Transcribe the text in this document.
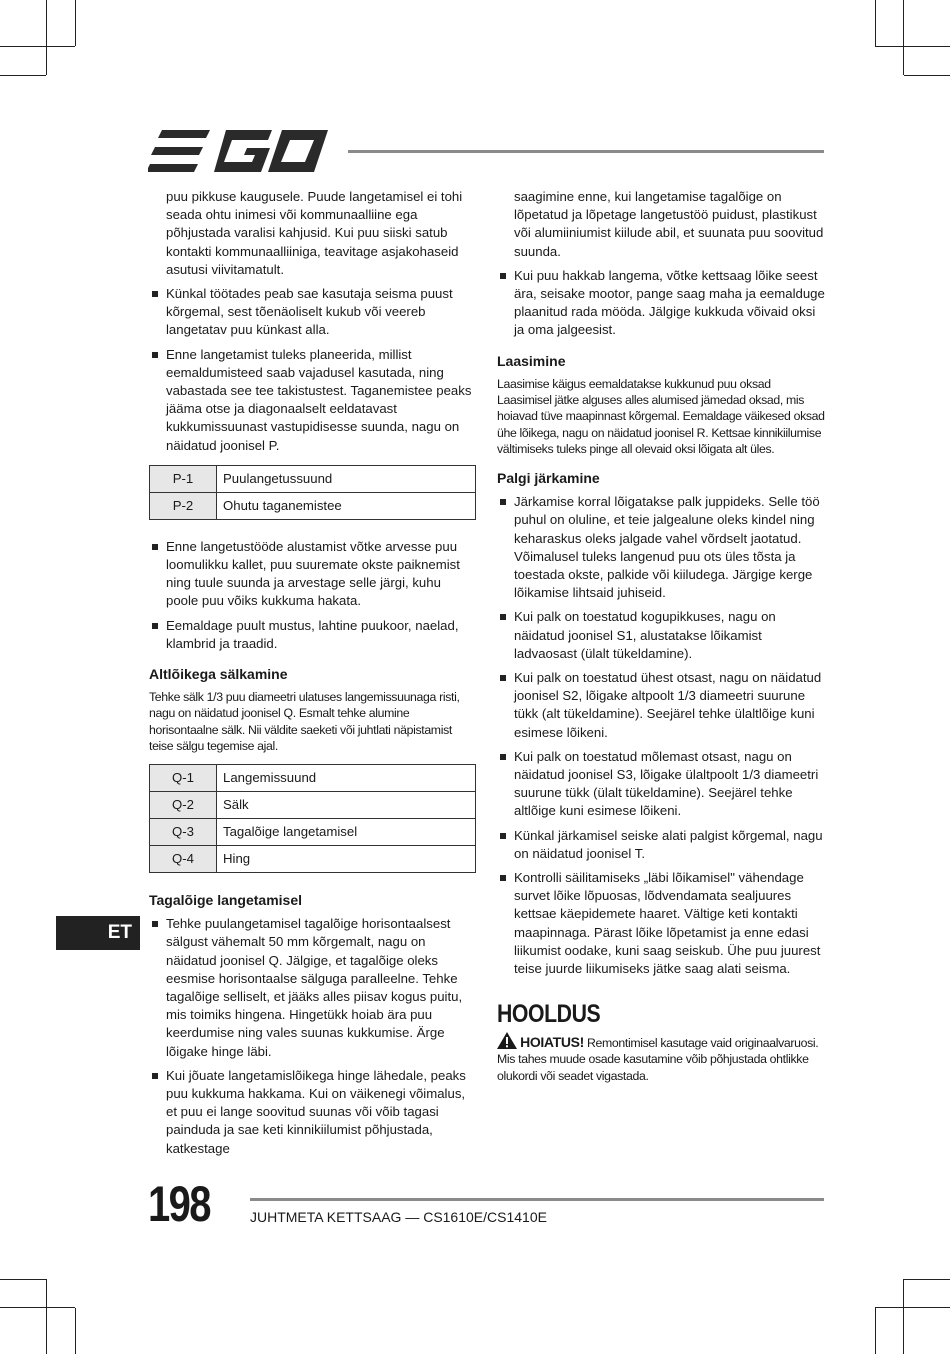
ET

puu pikkuse kaugusele. Puude langetamisel ei tohi seada ohtu inimesi või kommunaalliine ega põhjustada varalisi kahjusid. Kui puu siiski satub kontakti kommunaalliiniga, teavitage asjakohaseid asutusi viivitamatult.

Künkal töötades peab sae kasutaja seisma puust kõrgemal, sest tõenäoliselt kukub või veereb langetatav puu künkast alla.

Enne langetamist tuleks planeerida, millist eemaldumisteed saab vajadusel kasutada, ning vabastada see tee takistustest. Taganemistee peaks jääma otse ja diagonaalselt eeldatavast kukkumissuunast vastupidisesse suunda, nagu on näidatud joonisel P.

P-1	Puulangetussuund
P-2	Ohutu taganemistee

Enne langetustööde alustamist võtke arvesse puu loomulikku kallet, puu suuremate okste paiknemist ning tuule suunda ja arvestage selle järgi, kuhu poole puu võiks kukkuma hakata.

Eemaldage puult mustus, lahtine puukoor, naelad, klambrid ja traadid.

Altlõikega sälkamine

Tehke sälk 1/3 puu diameetri ulatuses langemissuunaga risti, nagu on näidatud joonisel Q. Esmalt tehke alumine horisontaalne sälk. Nii väldite saeketi või juhtlati näpistamist teise sälgu tegemise ajal.

Q-1	Langemissuund
Q-2	Sälk
Q-3	Tagalõige langetamisel
Q-4	Hing
Tagalõige langetamisel

Tehke puulangetamisel tagalõige horisontaalsest sälgust vähemalt 50 mm kõrgemalt, nagu on näidatud joonisel Q. Jälgige, et tagalõige oleks eesmise horisontaalse sälguga paralleelne. Tehke tagalõige selliselt, et jääks alles piisav kogus puitu, mis toimiks hingena. Hingetükk hoiab ära puu keerdumise ning vales suunas kukkumise. Ärge lõigake hinge läbi.

Kui jõuate langetamislõikega hinge lähedale, peaks puu kukkuma hakkama. Kui on väikenegi võimalus, et puu ei lange soovitud suunas või võib tagasi painduda ja sae keti kinnikiilumist põhjustada, katkestage

saagimine enne, kui langetamise tagalõige on lõpetatud ja lõpetage langetustöö puidust, plastikust või alumiiniumist kiilude abil, et suunata puu soovitud suunda.

Kui puu hakkab langema, võtke kettsaag lõike seest ära, seisake mootor, pange saag maha ja eemalduge plaanitud rada mööda. Jälgige kukkuda võivaid oksi ja oma jalgeesist.

Laasimine

Laasimise käigus eemaldatakse kukkunud puu oksad Laasimisel jätke alguses alles alumised jämedad oksad, mis hoiavad tüve maapinnast kõrgemal. Eemaldage väikesed oksad ühe lõikega, nagu on näidatud joonisel R. Kettsae kinnikiilumise vältimiseks tuleks pinge all olevaid oksi lõigata alt üles.

Palgi järkamine

Järkamise korral lõigatakse palk juppideks. Selle töö puhul on oluline, et teie jalgealune oleks kindel ning keharaskus oleks jalgade vahel võrdselt jaotatud. Võimalusel tuleks langenud puu ots üles tõsta ja toestada okste, palkide või kiiludega. Järgige kerge lõikamise lihtsaid juhiseid.

Kui palk on toestatud kogupikkuses, nagu on näidatud joonisel S1, alustatakse lõikamist ladvaosast (ülalt tükeldamine).

Kui palk on toestatud ühest otsast, nagu on näidatud joonisel S2, lõigake altpoolt 1/3 diameetri suurune tükk (alt tükeldamine). Seejärel tehke ülaltlõige kuni esimese lõikeni.

Kui palk on toestatud mõlemast otsast, nagu on näidatud joonisel S3, lõigake ülaltpoolt 1/3 diameetri suurune tükk (ülalt tükeldamine). Seejärel tehke altlõige kuni esimese lõikeni.

Künkal järkamisel seiske alati palgist kõrgemal, nagu on näidatud joonisel T.

Kontrolli säilitamiseks „läbi lõikamisel" vähendage survet lõike lõpuosas, lõdvendamata sealjuures kettsae käepidemete haaret. Vältige keti kontakti maapinnaga. Pärast lõike lõpetamist ja enne edasi liikumist oodake, kuni saag seiskub. Ühe puu juurest teise juurde liikumiseks jätke saag alati seisma.

HOOLDUS

HOIATUS! Remontimisel kasutage vaid originaalvaruosi. Mis tahes muude osade kasutamine võib põhjustada ohtlikke olukordi või seadet vigastada.

198	JUHTMETA KETTSAAG — CS1610E/CS1410E
